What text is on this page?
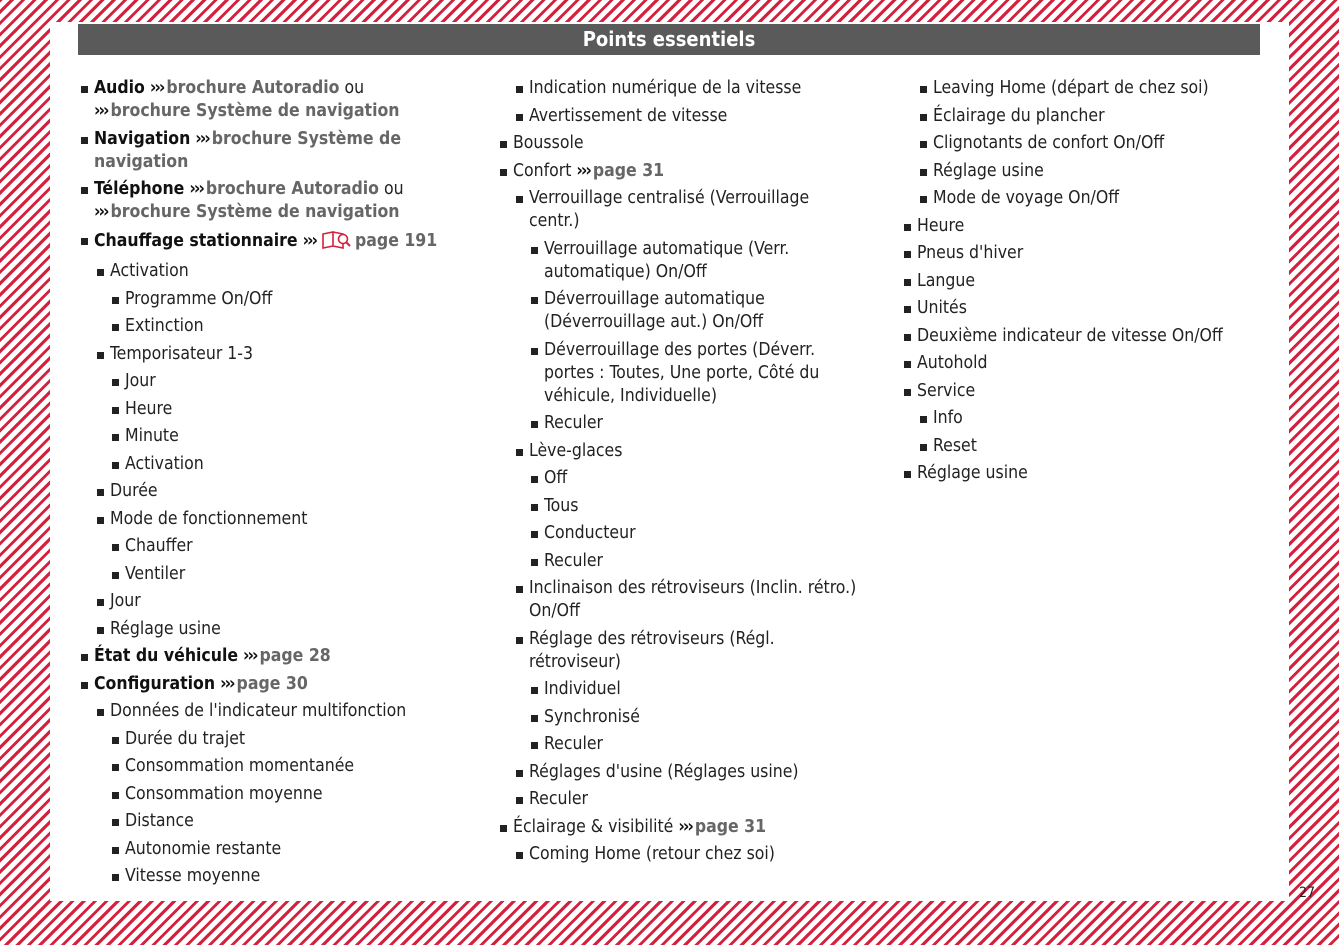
Points essentiels
Audio ››› brochure Autoradio ou ››› brochure Système de navigation
Navigation ››› brochure Système de navigation
Téléphone ››› brochure Autoradio ou ››› brochure Système de navigation
Chauffage stationnaire ››› page 191
Activation
Programme On/Off
Extinction
Temporisateur 1-3
Jour
Heure
Minute
Activation
Durée
Mode de fonctionnement
Chauffer
Ventiler
Jour
Réglage usine
État du véhicule ››› page 28
Configuration ››› page 30
Données de l'indicateur multifonction
Durée du trajet
Consommation momentanée
Consommation moyenne
Distance
Autonomie restante
Vitesse moyenne
Indication numérique de la vitesse
Avertissement de vitesse
Boussole
Confort ››› page 31
Verrouillage centralisé (Verrouillage centr.)
Verrouillage automatique (Verr. automatique) On/Off
Déverrouillage automatique (Déverrouillage aut.) On/Off
Déverrouillage des portes (Déverr. portes : Toutes, Une porte, Côté du véhicule, Individuelle)
Reculer
Lève-glaces
Off
Tous
Conducteur
Reculer
Inclinaison des rétroviseurs (Inclin. rétro.) On/Off
Réglage des rétroviseurs (Régl. rétroviseur)
Individuel
Synchronisé
Reculer
Réglages d'usine (Réglages usine)
Reculer
Éclairage & visibilité ››› page 31
Coming Home (retour chez soi)
Leaving Home (départ de chez soi)
Éclairage du plancher
Clignotants de confort On/Off
Réglage usine
Mode de voyage On/Off
Heure
Pneus d'hiver
Langue
Unités
Deuxième indicateur de vitesse On/Off
Autohold
Service
Info
Reset
Réglage usine
27
